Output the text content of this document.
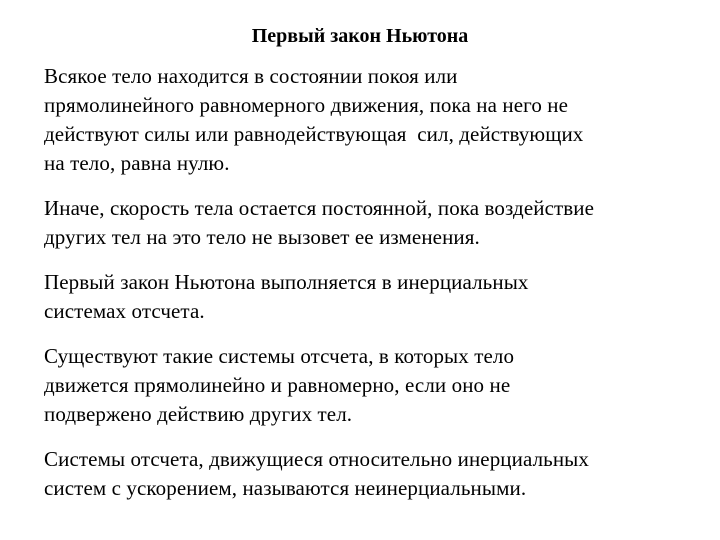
Первый закон Ньютона

Всякое тело находится в состоянии покоя или
прямолинейного равномерного движения, пока на него не
действуют силы или равнодействующая  сил, действующих
на тело, равна нулю.

Иначе, скорость тела остается постоянной, пока воздействие
других тел на это тело не вызовет ее изменения.

Первый закон Ньютона выполняется в инерциальных
системах отсчета.

Существуют такие системы отсчета, в которых тело
движется прямолинейно и равномерно, если оно не
подвержено действию других тел.

Системы отсчета, движущиеся относительно инерциальных
систем с ускорением, называются неинерциальными.
